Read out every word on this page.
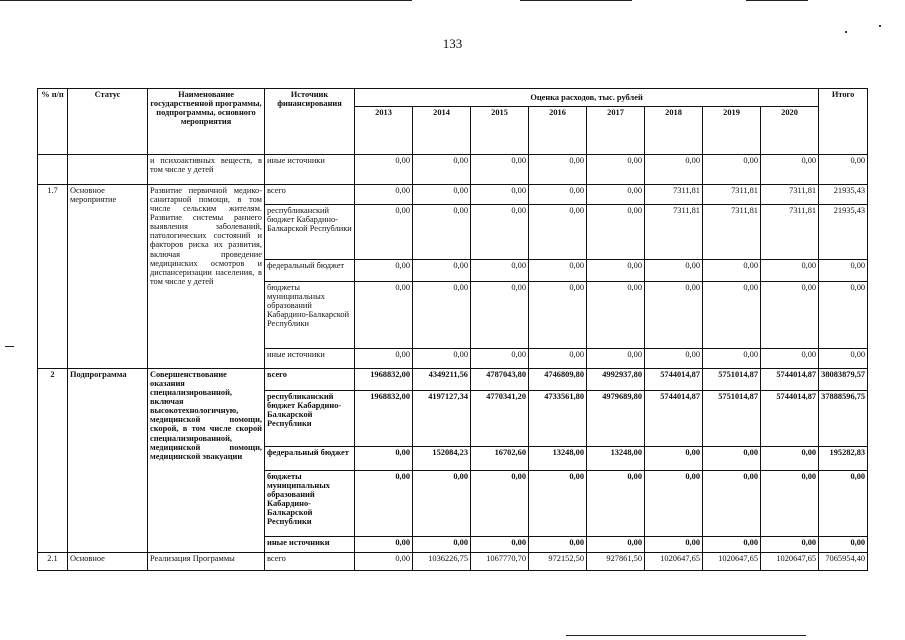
133
% п/п	Статус	Наименование государственной программы, подпрограммы, основного мероприятия	Источник финансирования	Оценка расходов, тыс. рублей								Итого
				2013	2014	2015	2016	2017	2018	2019	2020	
		и психоактивных веществ, в том числе у детей	иные источники	0,00	0,00	0,00	0,00	0,00	0,00	0,00	0,00	0,00
1.7	Основное мероприятие	Развитие первичной медико-санитарной помощи, в том числе сельским жителям. Развитие системы раннего выявления заболеваний, патологических состояний и факторов риска их развития, включая проведение медицинских осмотров и диспансеризации населения, в том числе у детей	всего	0,00	0,00	0,00	0,00	0,00	7311,81	7311,81	7311,81	21935,43
			республиканский бюджет Кабардино-Балкарской Республики	0,00	0,00	0,00	0,00	0,00	7311,81	7311,81	7311,81	21935,43
			федеральный бюджет	0,00	0,00	0,00	0,00	0,00	0,00	0,00	0,00	0,00
			бюджеты муниципальных образований Кабардино-Балкарской Республики	0,00	0,00	0,00	0,00	0,00	0,00	0,00	0,00	0,00
			иные источники	0,00	0,00	0,00	0,00	0,00	0,00	0,00	0,00	0,00
2	Подпрограмма	Совершенствование оказания специализированной, включая высокотехнологичную, медицинской помощи, скорой, в том числе скорой специализированной, медицинской помощи, медицинской эвакуации	всего	1968832,00	4349211,56	4787043,80	4746809,80	4992937,80	5744014,87	5751014,87	5744014,87	38083879,57
			республиканский бюджет Кабардино-Балкарской Республики	1968832,00	4197127,34	4770341,20	4733561,80	4979689,80	5744014,87	5751014,87	5744014,87	37888596,75
			федеральный бюджет	0,00	152084,23	16702,60	13248,00	13248,00	0,00	0,00	0,00	195282,83
			бюджеты муниципальных образований Кабардино-Балкарской Республики	0,00	0,00	0,00	0,00	0,00	0,00	0,00	0,00	0,00
			иные источники	0,00	0,00	0,00	0,00	0,00	0,00	0,00	0,00	0,00
2.1	Основное	Реализация Программы	всего	0,00	1036226,75	1067770,70	972152,50	927861,50	1020647,65	1020647,65	1020647,65	7065954,40
